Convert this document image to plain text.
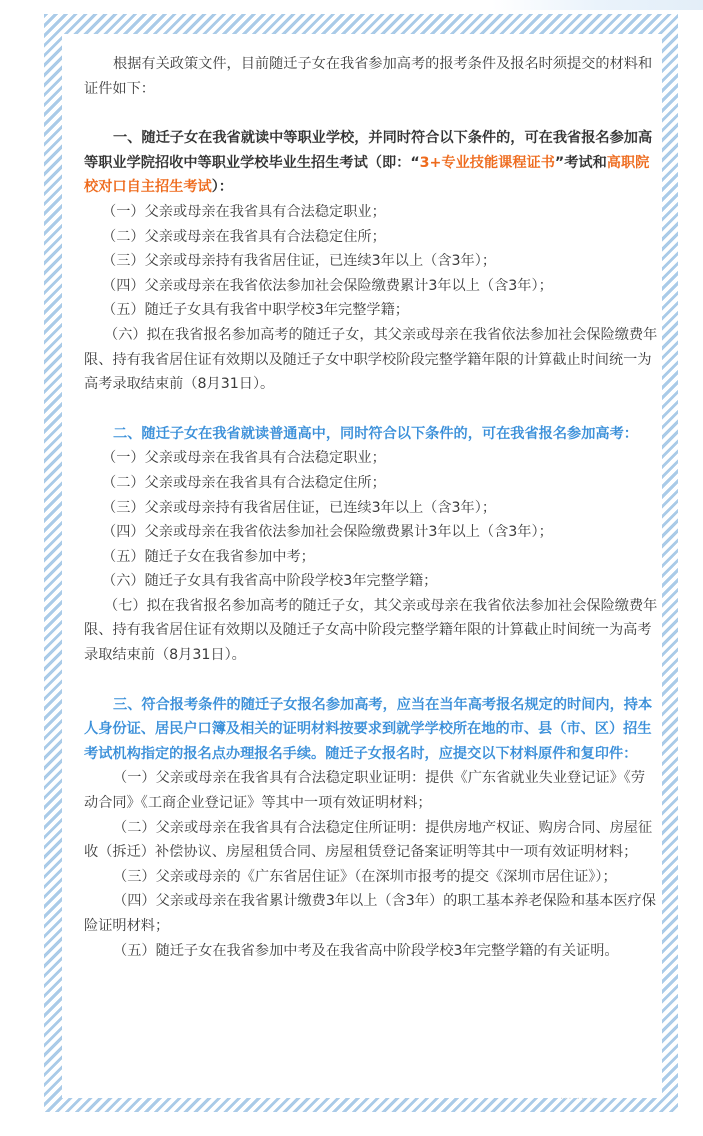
根据有关政策文件，目前随迁子女在我省参加高考的报考条件及报名时须提交的材料和证件如下：

一、随迁子女在我省就读中等职业学校，并同时符合以下条件的，可在我省报名参加高等职业学院招收中等职业学校毕业生招生考试（即：“3+专业技能课程证书”考试和高职院校对口自主招生考试）：

（一）父亲或母亲在我省具有合法稳定职业；

（二）父亲或母亲在我省具有合法稳定住所；

（三）父亲或母亲持有我省居住证，已连续3年以上（含3年）；

（四）父亲或母亲在我省依法参加社会保险缴费累计3年以上（含3年）；

（五）随迁子女具有我省中职学校3年完整学籍；

（六）拟在我省报名参加高考的随迁子女，其父亲或母亲在我省依法参加社会保险缴费年限、持有我省居住证有效期以及随迁子女中职学校阶段完整学籍年限的计算截止时间统一为高考录取结束前（8月31日）。

二、随迁子女在我省就读普通高中，同时符合以下条件的，可在我省报名参加高考：

（一）父亲或母亲在我省具有合法稳定职业；

（二）父亲或母亲在我省具有合法稳定住所；

（三）父亲或母亲持有我省居住证，已连续3年以上（含3年）；

（四）父亲或母亲在我省依法参加社会保险缴费累计3年以上（含3年）；

（五）随迁子女在我省参加中考；

（六）随迁子女具有我省高中阶段学校3年完整学籍；

（七）拟在我省报名参加高考的随迁子女，其父亲或母亲在我省依法参加社会保险缴费年限、持有我省居住证有效期以及随迁子女高中阶段完整学籍年限的计算截止时间统一为高考录取结束前（8月31日）。

三、符合报考条件的随迁子女报名参加高考，应当在当年高考报名规定的时间内，持本人身份证、居民户口簿及相关的证明材料按要求到就学学校所在地的市、县（市、区）招生考试机构指定的报名点办理报名手续。随迁子女报名时，应提交以下材料原件和复印件：

（一）父亲或母亲在我省具有合法稳定职业证明：提供《广东省就业失业登记证》《劳动合同》《工商企业登记证》等其中一项有效证明材料；

（二）父亲或母亲在我省具有合法稳定住所证明：提供房地产权证、购房合同、房屋征收（拆迁）补偿协议、房屋租赁合同、房屋租赁登记备案证明等其中一项有效证明材料；

（三）父亲或母亲的《广东省居住证》（在深圳市报考的提交《深圳市居住证》）；

（四）父亲或母亲在我省累计缴费3年以上（含3年）的职工基本养老保险和基本医疗保险证明材料；

（五）随迁子女在我省参加中考及在我省高中阶段学校3年完整学籍的有关证明。

··· ·· ·· ·
